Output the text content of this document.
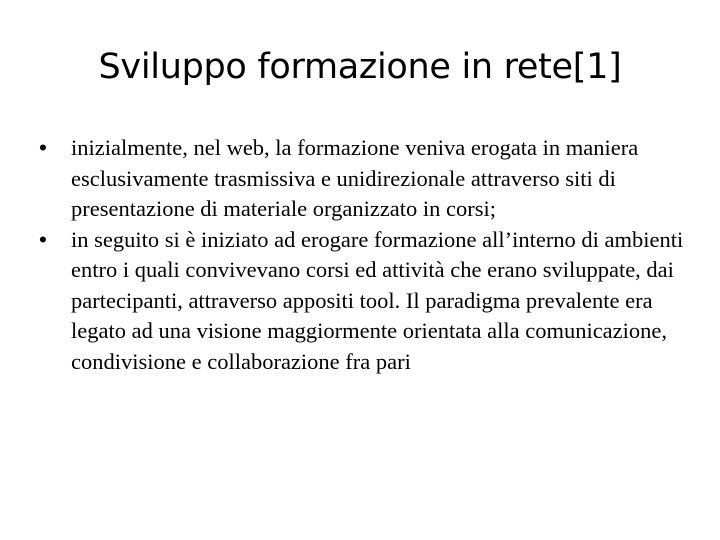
Sviluppo formazione in rete[1]
•	inizialmente, nel web, la formazione veniva erogata in maniera esclusivamente trasmissiva e unidirezionale attraverso siti di presentazione di materiale organizzato in corsi;
•	in seguito si è iniziato ad erogare formazione all’interno di ambienti entro i quali convivevano corsi ed attività che erano sviluppate, dai partecipanti, attraverso appositi tool. Il paradigma prevalente era legato ad una visione maggiormente orientata alla comunicazione, condivisione e collaborazione fra pari
